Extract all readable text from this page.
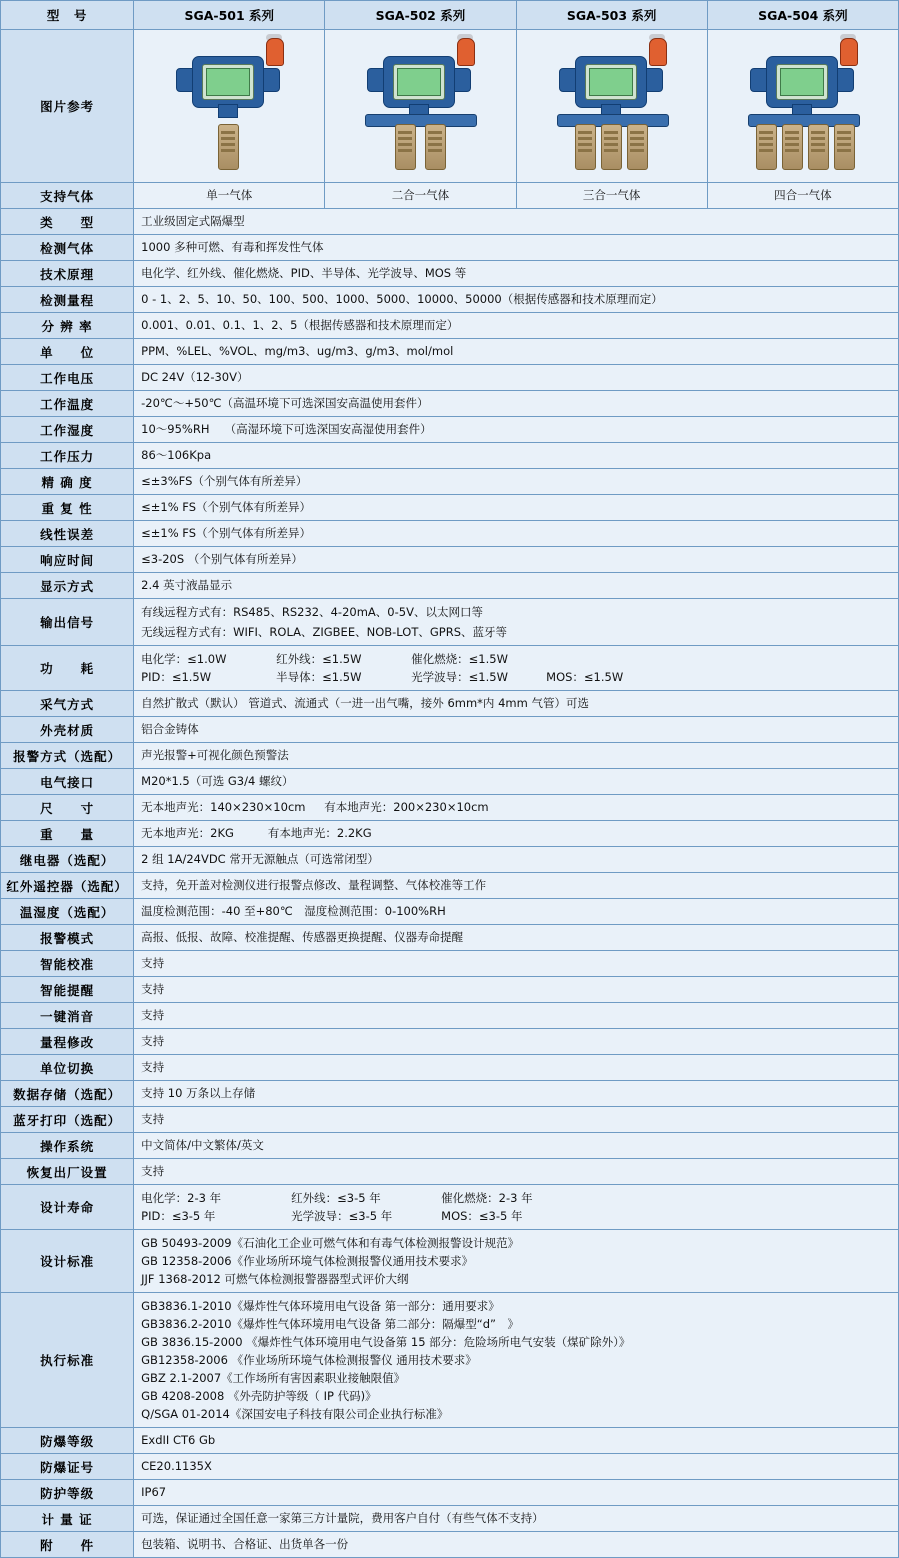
型　号	SGA-501 系列	SGA-502 系列	SGA-503 系列	SGA-504 系列
图片参考	

支持气体	单一气体	二合一气体	三合一气体	四合一气体
类　　型	工业级固定式隔爆型			
检测气体	1000 多种可燃、有毒和挥发性气体			
技术原理	电化学、红外线、催化燃烧、PID、半导体、光学波导、MOS 等			
检测量程	0 - 1、2、5、10、50、100、500、1000、5000、10000、50000（根据传感器和技术原理而定）			
分 辨 率	0.001、0.01、0.1、1、2、5（根据传感器和技术原理而定）			
单　　位	PPM、%LEL、%VOL、mg/m3、ug/m3、g/m3、mol/mol			
工作电压	DC 24V（12-30V）			
工作温度	-20℃～+50℃（高温环境下可选深国安高温使用套件）			
工作湿度	10～95%RH　 （高湿环境下可选深国安高湿使用套件）			
工作压力	86～106Kpa			
精 确 度	≤±3%FS（个别气体有所差异）			
重 复 性	≤±1% FS（个别气体有所差异）			
线性误差	≤±1% FS（个别气体有所差异）			
响应时间	≤3-20S （个别气体有所差异）			
显示方式	2.4 英寸液晶显示			
输出信号	有线远程方式有：RS485、RS232、4-20mA、0-5V、以太网口等
无线远程方式有：WIFI、ROLA、ZIGBEE、NOB-LOT、GPRS、蓝牙等			

功　　耗	
电化学：≤1.0W	红外线：≤1.5W	催化燃烧：≤1.5W
PID：≤1.5W	半导体：≤1.5W	光学波导：≤1.5W	MOS：≤1.5W

采气方式	自然扩散式（默认） 管道式、流通式（一进一出气嘴，接外 6mm*内 4mm 气管）可选			
外壳材质	铝合金铸体			
报警方式（选配）	声光报警+可视化颜色预警法			
电气接口	M20*1.5（可选 G3/4 螺纹）			
尺　　寸	无本地声光：140×230×10cm 　 有本地声光：200×230×10cm			
重　　量	无本地声光：2KG 　 　 有本地声光：2.2KG			
继电器（选配）	2 组 1A/24VDC 常开无源触点（可选常闭型）			
红外遥控器（选配）	支持，免开盖对检测仪进行报警点修改、量程调整、气体校准等工作			
温湿度（选配）	温度检测范围：-40 至+80℃　湿度检测范围：0-100%RH			
报警模式	高报、低报、故障、校准提醒、传感器更换提醒、仪器寿命提醒			
智能校准	支持			
智能提醒	支持			
一键消音	支持			
量程修改	支持			
单位切换	支持			
数据存储（选配）	支持 10 万条以上存储			
蓝牙打印（选配）	支持			
操作系统	中文简体/中文繁体/英文			
恢复出厂设置	支持			
设计寿命	
电化学：2-3 年	红外线：≤3-5 年	催化燃烧：2-3 年
PID：≤3-5 年	光学波导：≤3-5 年	MOS：≤3-5 年

设计标准	GB 50493-2009《石油化工企业可燃气体和有毒气体检测报警设计规范》
GB 12358-2006《作业场所环境气体检测报警仪通用技术要求》
JJF 1368-2012 可燃气体检测报警器器型式评价大纲			

执行标准	
GB3836.1-2010《爆炸性气体环境用电气设备 第一部分：通用要求》
GB3836.2-2010《爆炸性气体环境用电气设备 第二部分：隔爆型“d”　》
GB 3836.15-2000 《爆炸性气体环境用电气设备第 15 部分：危险场所电气安装（煤矿除外）》
GB12358-2006 《作业场所环境气体检测报警仪 通用技术要求》
GBZ 2.1-2007《工作场所有害因素职业接触限值》
GB 4208-2008 《外壳防护等级（ IP 代码)》
Q/SGA 01-2014《深国安电子科技有限公司企业执行标准》

防爆等级	ExdII CT6 Gb			
防爆证号	CE20.1135X			
防护等级	IP67			
计 量 证	可选，保证通过全国任意一家第三方计量院，费用客户自付（有些气体不支持）			
附　　件	包装箱、说明书、合格证、出货单各一份			
